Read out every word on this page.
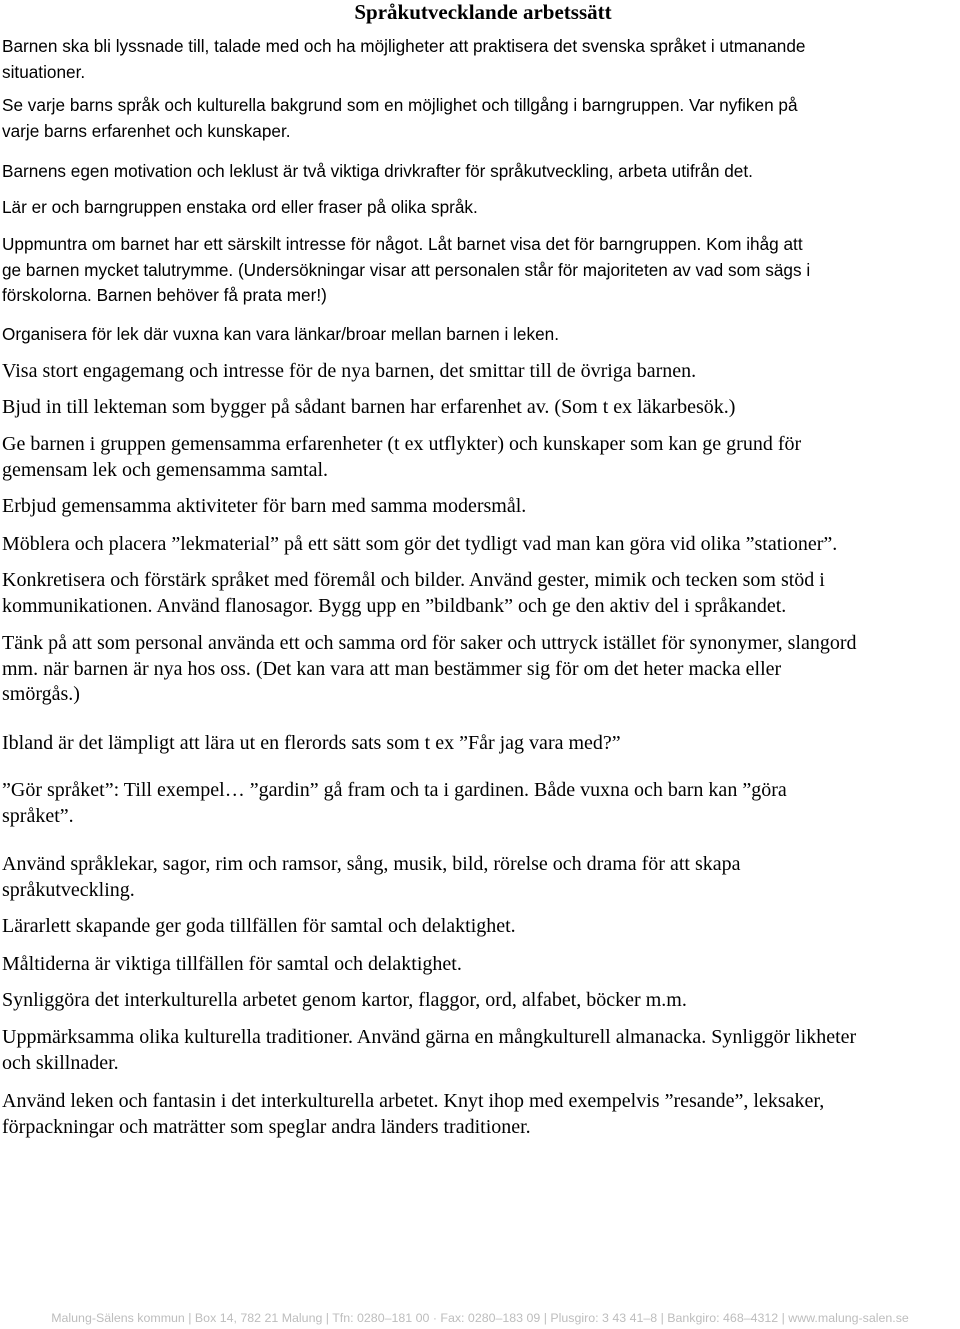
Språkutvecklande arbetssätt
Barnen ska bli lyssnade till, talade med och ha möjligheter att praktisera det svenska språket i utmanande
situationer.
Se varje barns språk och kulturella bakgrund som en möjlighet och tillgång i barngruppen. Var nyfiken på
varje barns erfarenhet och kunskaper.
Barnens egen motivation och leklust är två viktiga drivkrafter för språkutveckling, arbeta utifrån det.
Lär er och barngruppen enstaka ord eller fraser på olika språk.
Uppmuntra om barnet har ett särskilt intresse för något. Låt barnet visa det för barngruppen. Kom ihåg att
ge barnen mycket talutrymme. (Undersökningar visar att personalen står för majoriteten av vad som sägs i
förskolorna. Barnen behöver få prata mer!)
Organisera för lek där vuxna kan vara länkar/broar mellan barnen i leken.
Visa stort engagemang och intresse för de nya barnen, det smittar till de övriga barnen.
Bjud in till lekteman som bygger på sådant barnen har erfarenhet av. (Som t ex läkarbesök.)
Ge barnen i gruppen gemensamma erfarenheter (t ex utflykter) och kunskaper som kan ge grund för
gemensam lek och gemensamma samtal.
Erbjud gemensamma aktiviteter för barn med samma modersmål.
Möblera och placera ”lekmaterial” på ett sätt som gör det tydligt vad man kan göra vid olika ”stationer”.
Konkretisera och förstärk språket med föremål och bilder. Använd gester, mimik och tecken som stöd i
kommunikationen. Använd flanosagor. Bygg upp en ”bildbank” och ge den aktiv del i språkandet.
Tänk på att som personal använda ett och samma ord för saker och uttryck istället för synonymer, slangord
mm. när barnen är nya hos oss. (Det kan vara att man bestämmer sig för om det heter macka eller
smörgås.)
Ibland är det lämpligt att lära ut en flerords sats som t ex ”Får jag vara med?”
”Gör språket”: Till exempel… ”gardin” gå fram och ta i gardinen. Både vuxna och barn kan ”göra
språket”.
Använd språklekar, sagor, rim och ramsor, sång, musik, bild, rörelse och drama för att skapa
språkutveckling.
Lärarlett skapande ger goda tillfällen för samtal och delaktighet.
Måltiderna är viktiga tillfällen för samtal och delaktighet.
Synliggöra det interkulturella arbetet genom kartor, flaggor, ord, alfabet, böcker m.m.
Uppmärksamma olika kulturella traditioner. Använd gärna en mångkulturell almanacka. Synliggör likheter
och skillnader.
Använd leken och fantasin i det interkulturella arbetet. Knyt ihop med exempelvis ”resande”, leksaker,
förpackningar och maträtter som speglar andra länders traditioner.
Malung-Sälens kommun | Box 14, 782 21 Malung | Tfn: 0280–181 00 · Fax: 0280–183 09 | Plusgiro: 3 43 41–8 | Bankgiro: 468–4312 | www.malung-salen.se
